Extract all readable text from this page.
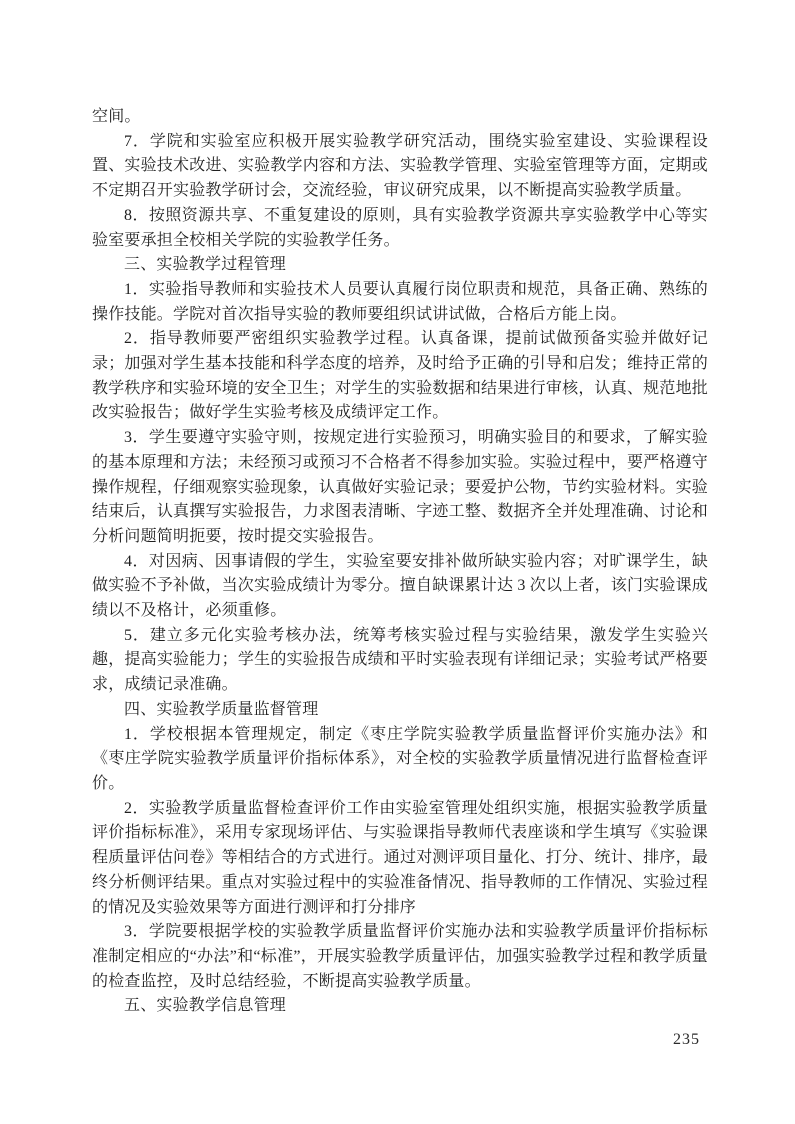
空间。

7．学院和实验室应积极开展实验教学研究活动，围绕实验室建设、实验课程设置、实验技术改进、实验教学内容和方法、实验教学管理、实验室管理等方面，定期或不定期召开实验教学研讨会，交流经验，审议研究成果，以不断提高实验教学质量。

8．按照资源共享、不重复建设的原则，具有实验教学资源共享实验教学中心等实验室要承担全校相关学院的实验教学任务。

三、实验教学过程管理

1．实验指导教师和实验技术人员要认真履行岗位职责和规范，具备正确、熟练的操作技能。学院对首次指导实验的教师要组织试讲试做，合格后方能上岗。

2．指导教师要严密组织实验教学过程。认真备课，提前试做预备实验并做好记录；加强对学生基本技能和科学态度的培养，及时给予正确的引导和启发；维持正常的教学秩序和实验环境的安全卫生；对学生的实验数据和结果进行审核，认真、规范地批改实验报告；做好学生实验考核及成绩评定工作。

3．学生要遵守实验守则，按规定进行实验预习，明确实验目的和要求，了解实验的基本原理和方法；未经预习或预习不合格者不得参加实验。实验过程中，要严格遵守操作规程，仔细观察实验现象，认真做好实验记录；要爱护公物，节约实验材料。实验结束后，认真撰写实验报告，力求图表清晰、字迹工整、数据齐全并处理准确、讨论和分析问题简明扼要，按时提交实验报告。

4．对因病、因事请假的学生，实验室要安排补做所缺实验内容；对旷课学生，缺做实验不予补做，当次实验成绩计为零分。擅自缺课累计达 3 次以上者，该门实验课成绩以不及格计，必须重修。

5．建立多元化实验考核办法，统筹考核实验过程与实验结果，激发学生实验兴趣，提高实验能力；学生的实验报告成绩和平时实验表现有详细记录；实验考试严格要求，成绩记录准确。

四、实验教学质量监督管理

1．学校根据本管理规定，制定《枣庄学院实验教学质量监督评价实施办法》和《枣庄学院实验教学质量评价指标体系》，对全校的实验教学质量情况进行监督检查评价。

2．实验教学质量监督检查评价工作由实验室管理处组织实施，根据实验教学质量评价指标标准》，采用专家现场评估、与实验课指导教师代表座谈和学生填写《实验课程质量评估问卷》等相结合的方式进行。通过对测评项目量化、打分、统计、排序，最终分析侧评结果。重点对实验过程中的实验准备情况、指导教师的工作情况、实验过程的情况及实验效果等方面进行测评和打分排序

3．学院要根据学校的实验教学质量监督评价实施办法和实验教学质量评价指标标准制定相应的“办法”和“标准”，开展实验教学质量评估，加强实验教学过程和教学质量的检查监控，及时总结经验，不断提高实验教学质量。

五、实验教学信息管理

235
